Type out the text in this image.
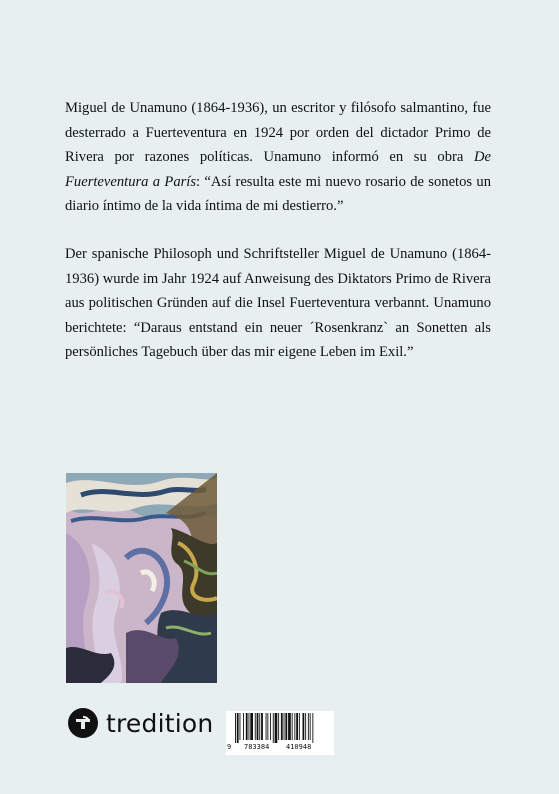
Miguel de Unamuno (1864-1936), un escritor y filósofo salmantino, fue desterrado a Fuerteventura en 1924 por orden del dictador Primo de Rivera por razones políticas. Unamuno informó en su obra De Fuerteventura a París: “Así resulta este mi nuevo rosario de sonetos un diario íntimo de la vida íntima de mi destierro.”

Der spanische Philosoph und Schriftsteller Miguel de Unamuno (1864-1936) wurde im Jahr 1924 auf Anweisung des Diktators Primo de Rivera aus politischen Gründen auf die Insel Fuerteventura verbannt. Unamuno berichtete: “Daraus entstand ein neuer ´Rosenkranz` an Sonetten als persönliches Tagebuch über das mir eigene Leben im Exil.”

tredition
9 783384 410948
